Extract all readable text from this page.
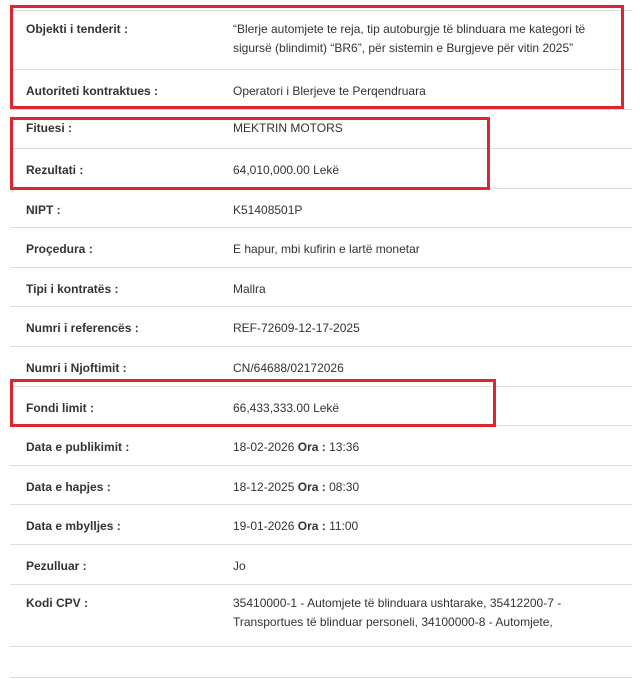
Objekti i tenderit :	“Blerje automjete te reja, tip autoburgje të blinduara me kategori të sigursë (blindimit) “BR6”, për sistemin e Burgjeve për vitin 2025”
Autoriteti kontraktues :	Operatori i Blerjeve te Perqendruara
Fituesi :	MEKTRIN MOTORS
Rezultati :	64,010,000.00 Lekë
NIPT :	K51408501P
Proçedura :	E hapur, mbi kufirin e lartë monetar
Tipi i kontratës :	Mallra
Numri i referencës :	REF-72609-12-17-2025
Numri i Njoftimit :	CN/64688/02172026
Fondi limit :	66,433,333.00 Lekë
Data e publikimit :	18-02-2026 Ora : 13:36
Data e hapjes :	18-12-2025 Ora : 08:30
Data e mbylljes :	19-01-2026 Ora : 11:00
Pezulluar :	Jo
Kodi CPV :	35410000-1 - Automjete të blinduara ushtarake, 35412200-7 - Transportues të blinduar personeli, 34100000-8 - Automjete,
